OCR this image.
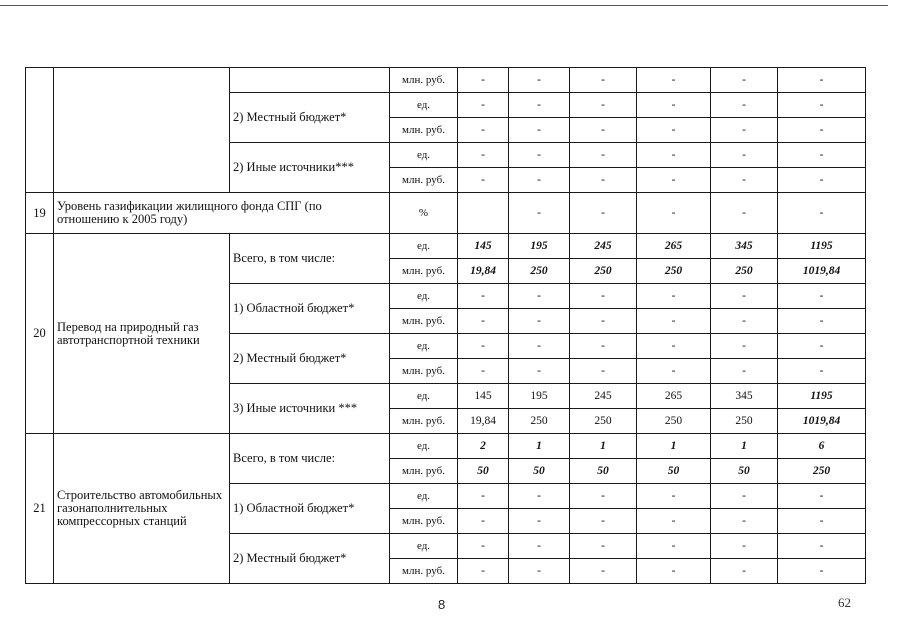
			млн. руб.	-	-	-	-	-	-
		2) Местный бюджет*	ед.	-	-	-	-	-	-
			млн. руб.	-	-	-	-	-	-
		2) Иные источники***	ед.	-	-	-	-	-	-
			млн. руб.	-	-	-	-	-	-
19	Уровень газификации жилищного фонда СПГ (по отношению к 2005 году)		%		-	-	-	-	-
20	Перевод на природный газ автотранспортной техники	Всего, в том числе:	ед.	145	195	245	265	345	1195
			млн. руб.	19,84	250	250	250	250	1019,84
		1) Областной бюджет*	ед.	-	-	-	-	-	-
			млн. руб.	-	-	-	-	-	-
		2) Местный бюджет*	ед.	-	-	-	-	-	-
			млн. руб.	-	-	-	-	-	-
		3) Иные источники ***	ед.	145	195	245	265	345	1195
			млн. руб.	19,84	250	250	250	250	1019,84
21	Строительство автомобильных газонаполнительных компрессорных станций	Всего, в том числе:	ед.	2	1	1	1	1	6
			млн. руб.	50	50	50	50	50	250
		1) Областной бюджет*	ед.	-	-	-	-	-	-
			млн. руб.	-	-	-	-	-	-
		2) Местный бюджет*	ед.	-	-	-	-	-	-
			млн. руб.	-	-	-	-	-	-
8	62
